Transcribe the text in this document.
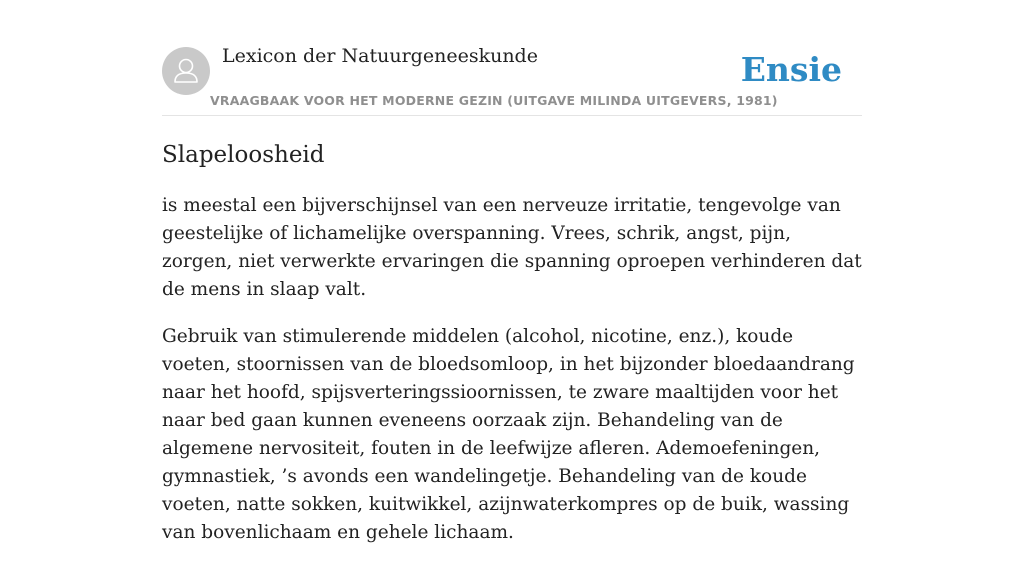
Lexicon der Natuurgeneeskunde
VRAAGBAAK VOOR HET MODERNE GEZIN (UITGAVE MILINDA UITGEVERS, 1981)
Ensie
Slapeloosheid

is meestal een bijverschijnsel van een nerveuze irritatie, tengevolge van geestelijke of lichamelijke overspanning. Vrees, schrik, angst, pijn, zorgen, niet verwerkte ervaringen die spanning oproepen verhinderen dat de mens in slaap valt.

Gebruik van stimulerende middelen (alcohol, nicotine, enz.), koude voeten, stoornissen van de bloedsomloop, in het bijzonder bloedaandrang naar het hoofd, spijsverteringssioornissen, te zware maaltijden voor het naar bed gaan kunnen eveneens oorzaak zijn. Behandeling van de algemene nervositeit, fouten in de leefwijze afleren. Ademoefeningen, gymnastiek, ’s avonds een wandelingetje. Behandeling van de koude voeten, natte sokken, kuitwikkel, azijnwaterkompres op de buik, wassing van bovenlichaam en gehele lichaam.
